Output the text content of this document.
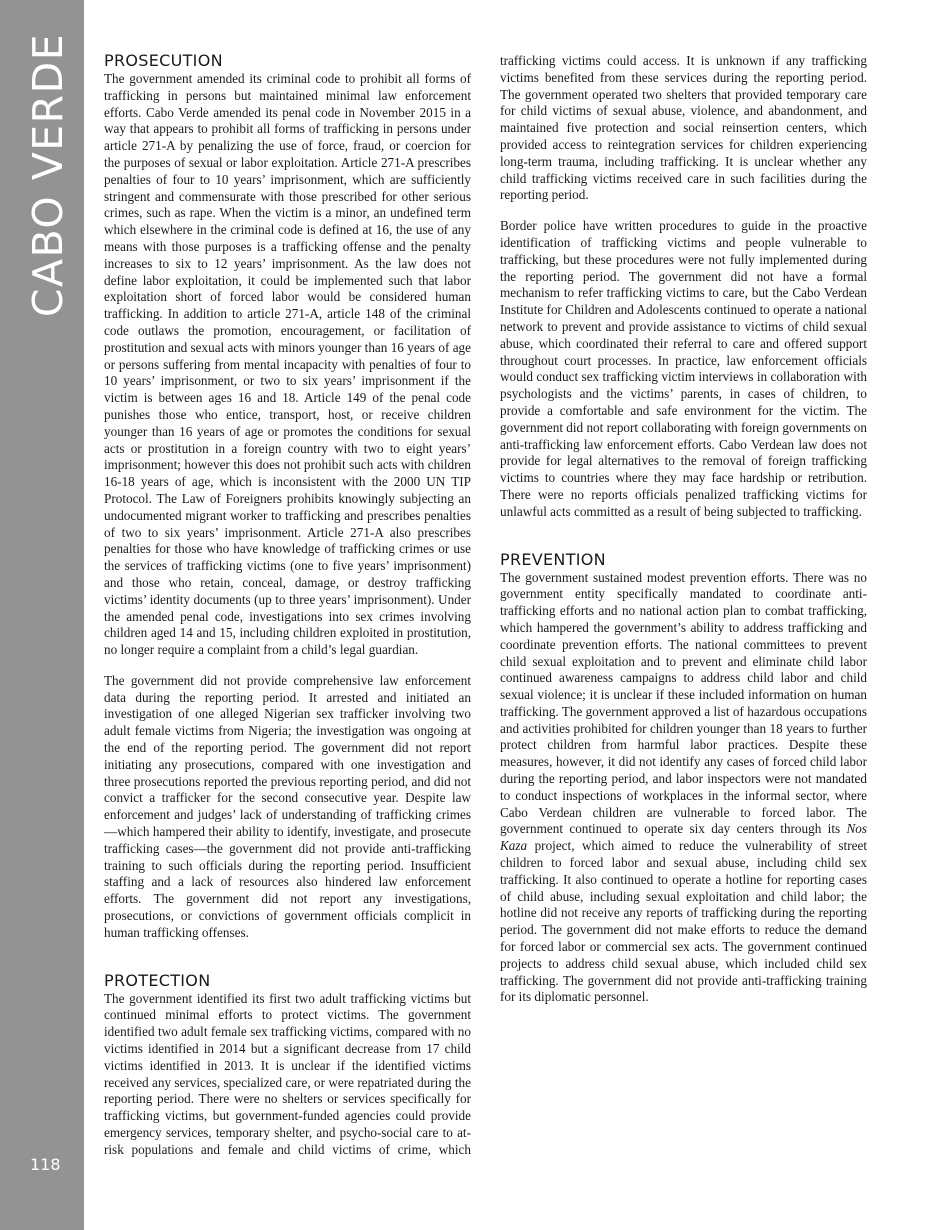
CABO VERDE
118
PROSECUTION

The government amended its criminal code to prohibit all forms of trafficking in persons but maintained minimal law enforcement efforts. Cabo Verde amended its penal code in November 2015 in a way that appears to prohibit all forms of trafficking in persons under article 271-A by penalizing the use of force, fraud, or coercion for the purposes of sexual or labor exploitation. Article 271-A prescribes penalties of four to 10 years’ imprisonment, which are sufficiently stringent and commensurate with those prescribed for other serious crimes, such as rape. When the victim is a minor, an undefined term which elsewhere in the criminal code is defined at 16, the use of any means with those purposes is a trafficking offense and the penalty increases to six to 12 years’ imprisonment. As the law does not define labor exploitation, it could be implemented such that labor exploitation short of forced labor would be considered human trafficking. In addition to article 271-A, article 148 of the criminal code outlaws the promotion, encouragement, or facilitation of prostitution and sexual acts with minors younger than 16 years of age or persons suffering from mental incapacity with penalties of four to 10 years’ imprisonment, or two to six years’ imprisonment if the victim is between ages 16 and 18. Article 149 of the penal code punishes those who entice, transport, host, or receive children younger than 16 years of age or promotes the conditions for sexual acts or prostitution in a foreign country with two to eight years’ imprisonment; however this does not prohibit such acts with children 16-18 years of age, which is inconsistent with the 2000 UN TIP Protocol. The Law of Foreigners prohibits knowingly subjecting an undocumented migrant worker to trafficking and prescribes penalties of two to six years’ imprisonment. Article 271-A also prescribes penalties for those who have knowledge of trafficking crimes or use the services of trafficking victims (one to five years’ imprisonment) and those who retain, conceal, damage, or destroy trafficking victims’ identity documents (up to three years’ imprisonment). Under the amended penal code, investigations into sex crimes involving children aged 14 and 15, including children exploited in prostitution, no longer require a complaint from a child’s legal guardian.

The government did not provide comprehensive law enforcement data during the reporting period. It arrested and initiated an investigation of one alleged Nigerian sex trafficker involving two adult female victims from Nigeria; the investigation was ongoing at the end of the reporting period. The government did not report initiating any prosecutions, compared with one investigation and three prosecutions reported the previous reporting period, and did not convict a trafficker for the second consecutive year. Despite law enforcement and judges’ lack of understanding of trafficking crimes—which hampered their ability to identify, investigate, and prosecute trafficking cases—the government did not provide anti-trafficking training to such officials during the reporting period. Insufficient staffing and a lack of resources also hindered law enforcement efforts. The government did not report any investigations, prosecutions, or convictions of government officials complicit in human trafficking offenses.

PROTECTION

The government identified its first two adult trafficking victims but continued minimal efforts to protect victims. The government identified two adult female sex trafficking victims, compared with no victims identified in 2014 but a significant decrease from 17 child victims identified in 2013. It is unclear if the identified victims received any services, specialized care, or were repatriated during the reporting period. There were no shelters or services specifically for trafficking victims, but government-funded agencies could provide emergency services, temporary shelter, and psycho-social care to at-risk populations and female and child victims of crime, which

trafficking victims could access. It is unknown if any trafficking victims benefited from these services during the reporting period. The government operated two shelters that provided temporary care for child victims of sexual abuse, violence, and abandonment, and maintained five protection and social reinsertion centers, which provided access to reintegration services for children experiencing long-term trauma, including trafficking. It is unclear whether any child trafficking victims received care in such facilities during the reporting period.

Border police have written procedures to guide in the proactive identification of trafficking victims and people vulnerable to trafficking, but these procedures were not fully implemented during the reporting period. The government did not have a formal mechanism to refer trafficking victims to care, but the Cabo Verdean Institute for Children and Adolescents continued to operate a national network to prevent and provide assistance to victims of child sexual abuse, which coordinated their referral to care and offered support throughout court processes. In practice, law enforcement officials would conduct sex trafficking victim interviews in collaboration with psychologists and the victims’ parents, in cases of children, to provide a comfortable and safe environment for the victim. The government did not report collaborating with foreign governments on anti-trafficking law enforcement efforts. Cabo Verdean law does not provide for legal alternatives to the removal of foreign trafficking victims to countries where they may face hardship or retribution. There were no reports officials penalized trafficking victims for unlawful acts committed as a result of being subjected to trafficking.

PREVENTION

The government sustained modest prevention efforts. There was no government entity specifically mandated to coordinate anti-trafficking efforts and no national action plan to combat trafficking, which hampered the government’s ability to address trafficking and coordinate prevention efforts. The national committees to prevent child sexual exploitation and to prevent and eliminate child labor continued awareness campaigns to address child labor and child sexual violence; it is unclear if these included information on human trafficking. The government approved a list of hazardous occupations and activities prohibited for children younger than 18 years to further protect children from harmful labor practices. Despite these measures, however, it did not identify any cases of forced child labor during the reporting period, and labor inspectors were not mandated to conduct inspections of workplaces in the informal sector, where Cabo Verdean children are vulnerable to forced labor. The government continued to operate six day centers through its Nos Kaza project, which aimed to reduce the vulnerability of street children to forced labor and sexual abuse, including child sex trafficking. It also continued to operate a hotline for reporting cases of child abuse, including sexual exploitation and child labor; the hotline did not receive any reports of trafficking during the reporting period. The government did not make efforts to reduce the demand for forced labor or commercial sex acts. The government continued projects to address child sexual abuse, which included child sex trafficking. The government did not provide anti-trafficking training for its diplomatic personnel.
